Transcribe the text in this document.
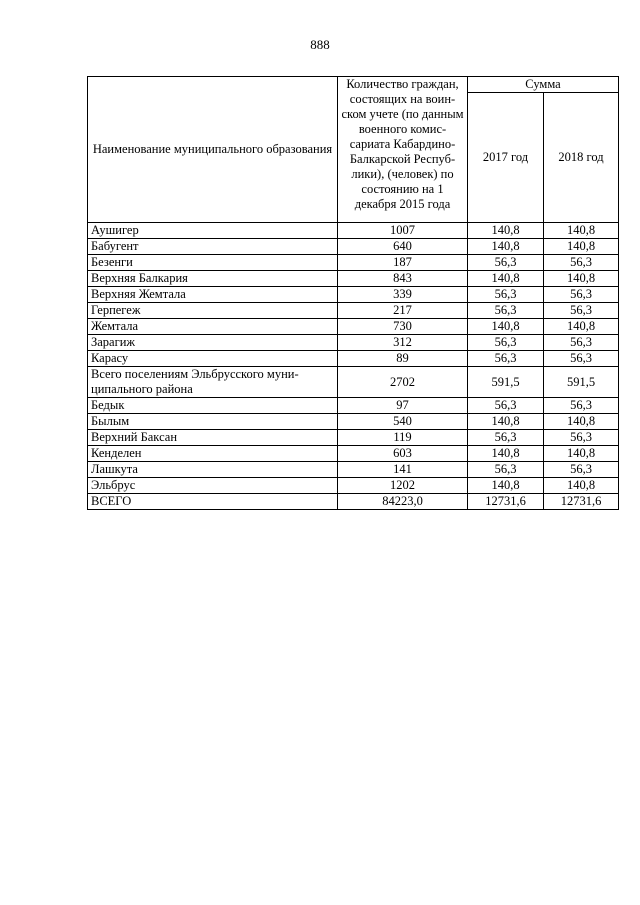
888
Наименование муниципального образования	Количество граждан, состоящих на воинском учете (по данным военного комиссариата Кабардино-Балкарской Республики), (человек) по состоянию на 1 декабря 2015 года	Сумма	
		2017 год	2018 год
Аушигер	1007	140,8	140,8
Бабугент	640	140,8	140,8
Безенги	187	56,3	56,3
Верхняя Балкария	843	140,8	140,8
Верхняя Жемтала	339	56,3	56,3
Герпегеж	217	56,3	56,3
Жемтала	730	140,8	140,8
Зарагиж	312	56,3	56,3
Карасу	89	56,3	56,3
Всего поселениям Эльбрусского муниципального района	2702	591,5	591,5
Бедык	97	56,3	56,3
Былым	540	140,8	140,8
Верхний Баксан	119	56,3	56,3
Кенделен	603	140,8	140,8
Лашкута	141	56,3	56,3
Эльбрус	1202	140,8	140,8
ВСЕГО	84223,0	12731,6	12731,6
